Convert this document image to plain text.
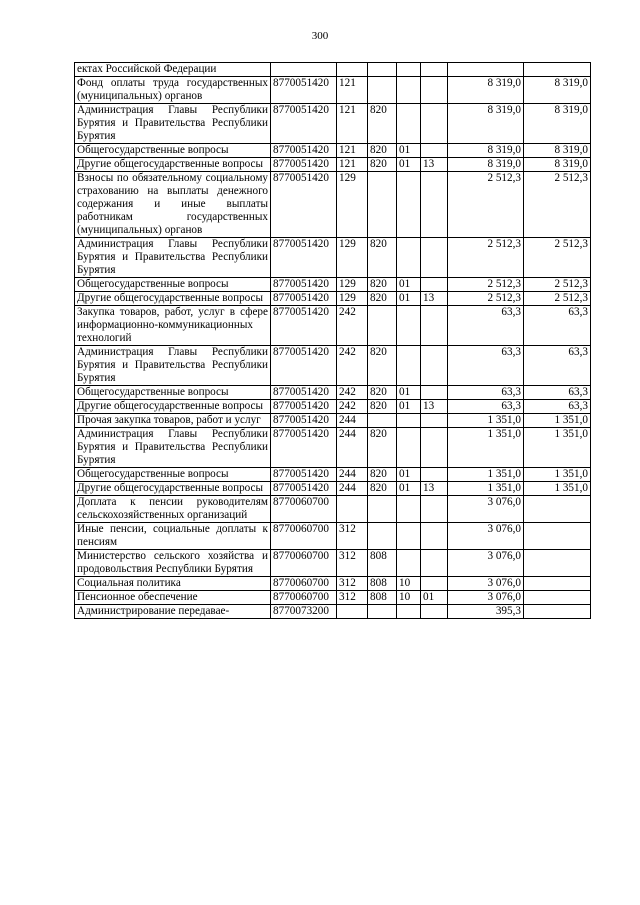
300
ектах Российской Федерации							
Фонд оплаты труда государственных (муниципальных) органов	8770051420	121				8 319,0	8 319,0
Администрация Главы Республики Бурятия и Правительства Республики Бурятия	8770051420	121	820			8 319,0	8 319,0
Общегосударственные вопросы	8770051420	121	820	01		8 319,0	8 319,0
Другие общегосударственные вопросы	8770051420	121	820	01	13	8 319,0	8 319,0
Взносы по обязательному социальному страхованию на выплаты денежного содержания и иные выплаты работникам государственных (муниципальных) органов	8770051420	129				2 512,3	2 512,3
Администрация Главы Республики Бурятия и Правительства Республики Бурятия	8770051420	129	820			2 512,3	2 512,3
Общегосударственные вопросы	8770051420	129	820	01		2 512,3	2 512,3
Другие общегосударственные вопросы	8770051420	129	820	01	13	2 512,3	2 512,3
Закупка товаров, работ, услуг в сфере информационно-коммуникационных технологий	8770051420	242				63,3	63,3
Администрация Главы Республики Бурятия и Правительства Республики Бурятия	8770051420	242	820			63,3	63,3
Общегосударственные вопросы	8770051420	242	820	01		63,3	63,3
Другие общегосударственные вопросы	8770051420	242	820	01	13	63,3	63,3
Прочая закупка товаров, работ и услуг	8770051420	244				1 351,0	1 351,0
Администрация Главы Республики Бурятия и Правительства Республики Бурятия	8770051420	244	820			1 351,0	1 351,0
Общегосударственные вопросы	8770051420	244	820	01		1 351,0	1 351,0
Другие общегосударственные вопросы	8770051420	244	820	01	13	1 351,0	1 351,0
Доплата к пенсии руководителям сельскохозяйственных организаций	8770060700					3 076,0	
Иные пенсии, социальные доплаты к пенсиям	8770060700	312				3 076,0	
Министерство сельского хозяйства и продовольствия Республики Бурятия	8770060700	312	808			3 076,0	
Социальная политика	8770060700	312	808	10		3 076,0	
Пенсионное обеспечение	8770060700	312	808	10	01	3 076,0	
Администрирование передавае-	8770073200					395,3	
